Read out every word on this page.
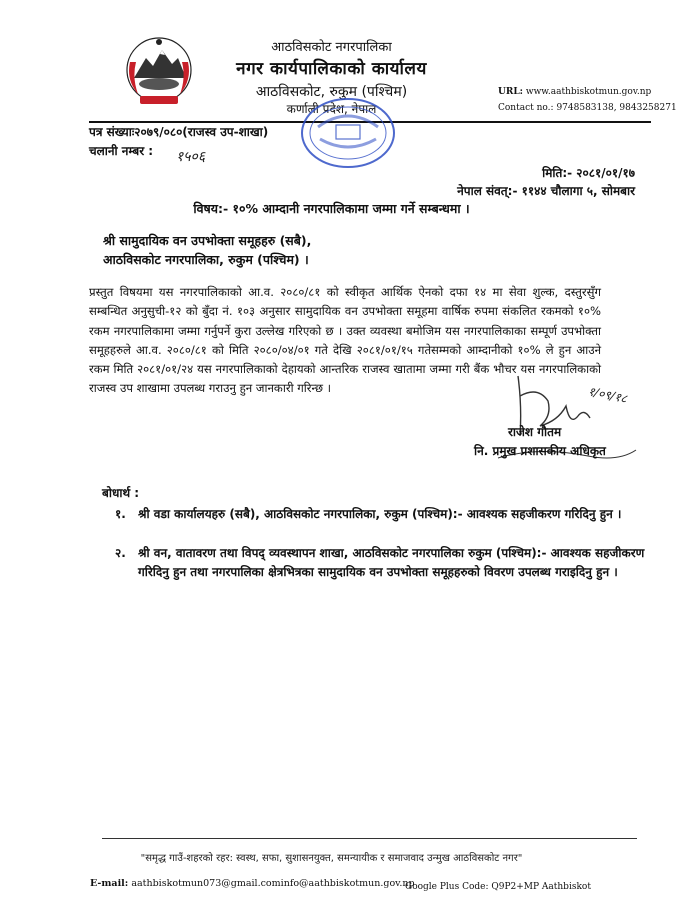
आठविसकोट नगरपालिका
नगर कार्यपालिकाको कार्यालय
आठविसकोट, रुकुम (पश्चिम)
कर्णाली प्रदेश, नेपाल
URL: www.aathbiskotmun.gov.np
Contact no.: 9748583138, 9843258271
पत्र संख्याः२०७९/०८०(राजस्व उप-शाखा)
चलानी नम्बर : १५०६
मिति:- २०८१/०१/१७
नेपाल संवत्:- ११४४ चौलागा ५, सोमबार
विषय:- १०% आम्दानी नगरपालिकामा जम्मा गर्ने सम्बन्धमा ।
श्री सामुदायिक वन उपभोक्ता समूहहरु (सबै),
आठविसकोट नगरपालिका, रुकुम (पश्चिम) ।
प्रस्तुत विषयमा यस नगरपालिकाको आ.व. २०८०/८१ को स्वीकृत आर्थिक ऐनको दफा १४ मा सेवा शुल्क, दस्तुरसुँग सम्बन्धित अनुसुची-१२ को बुँदा नं. १०३ अनुसार सामुदायिक वन उपभोक्ता समूहमा वार्षिक रुपमा संकलित रकमको १०% रकम नगरपालिकामा जम्मा गर्नुपर्ने कुरा उल्लेख गरिएको छ । उक्त व्यवस्था बमोजिम यस नगरपालिकाका सम्पूर्ण उपभोक्ता समूहहरुले आ.व. २०८०/८१ को मिति २०८०/०४/०१ गते देखि २०८१/०१/१५ गतेसम्मको आम्दानीको १०% ले हुन आउने रकम मिति २०८१/०१/२४ यस नगरपालिकाको देहायको आन्तरिक राजस्व खातामा जम्मा गरी बैंक भौचर यस नगरपालिकाको राजस्व उप शाखामा उपलब्ध गराउनु हुन जानकारी गरिन्छ ।	१/०९/१८
राजेश गौतम
नि. प्रमुख प्रशासकीय अधिकृत
बोधार्थ :
१. श्री वडा कार्यालयहरु (सबै), आठविसकोट नगरपालिका, रुकुम (पश्चिम):- आवश्यक सहजीकरण गरिदिनु हुन ।
२. श्री वन, वातावरण तथा विपद् व्यवस्थापन शाखा, आठविसकोट नगरपालिका रुकुम (पश्चिम):- आवश्यक सहजीकरण गरिदिनु हुन तथा नगरपालिका क्षेत्रभित्रका सामुदायिक वन उपभोक्ता समूहहरुको विवरण उपलब्ध गराइदिनु हुन ।
"समृद्ध गाउँ-शहरको रहर: स्वस्थ, सफा, सुशासनयुक्त, समन्यायीक र समाजवाद उन्मुख आठविसकोट नगर"
E-mail: aathbiskotmun073@gmail.cominfo@aathbiskotmun.gov.np
Google Plus Code: Q9P2+MP Aathbiskot
